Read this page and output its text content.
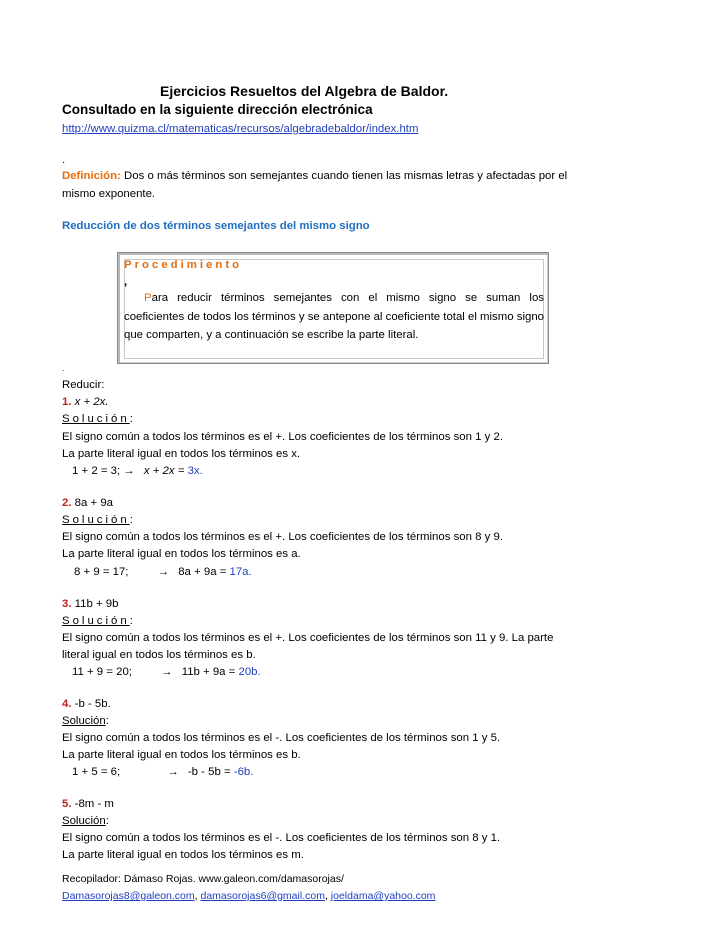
Ejercicios Resueltos del Algebra de Baldor.
Consultado en la siguiente dirección electrónica
http://www.quizma.cl/matematicas/recursos/algebradebaldor/index.htm
.
Definición: Dos o más términos son semejantes cuando tienen las mismas letras y afectadas por el
mismo exponente.
Reducción de dos términos semejantes del mismo signo
Procedimiento
,
Para reducir términos semejantes con el mismo signo se suman los coeficientes de todos los términos y se antepone al coeficiente total el mismo signo que comparten, y a continuación se escribe la parte literal.
.
Reducir:
1. x + 2x.
Solución:
El signo común a todos los términos es el +. Los coeficientes de los términos son 1 y 2.
La parte literal igual en todos los términos es x.
1 + 2 = 3; → x + 2x = 3x.
2. 8a + 9a
Solución:
El signo común a todos los términos es el +. Los coeficientes de los términos son 8 y 9.
La parte literal igual en todos los términos es a.
8 + 9 = 17;	→ 8a + 9a = 17a.
3. 11b + 9b
Solución:
El signo común a todos los términos es el +. Los coeficientes de los términos son 11 y 9. La parte
literal igual en todos los términos es b.
11 + 9 = 20;	→ 11b + 9a = 20b.
4. -b - 5b.
Solución:
El signo común a todos los términos es el -. Los coeficientes de los términos son 1 y 5.
La parte literal igual en todos los términos es b.
1 + 5 = 6;	→ -b - 5b = -6b.
5. -8m - m
Solución:
El signo común a todos los términos es el -. Los coeficientes de los términos son 8 y 1.
La parte literal igual en todos los términos es m.
Recopilador: Dámaso Rojas. www.galeon.com/damasorojas/
Damasorojas8@galeon.com, damasorojas6@gmail.com, joeldama@yahoo.com
